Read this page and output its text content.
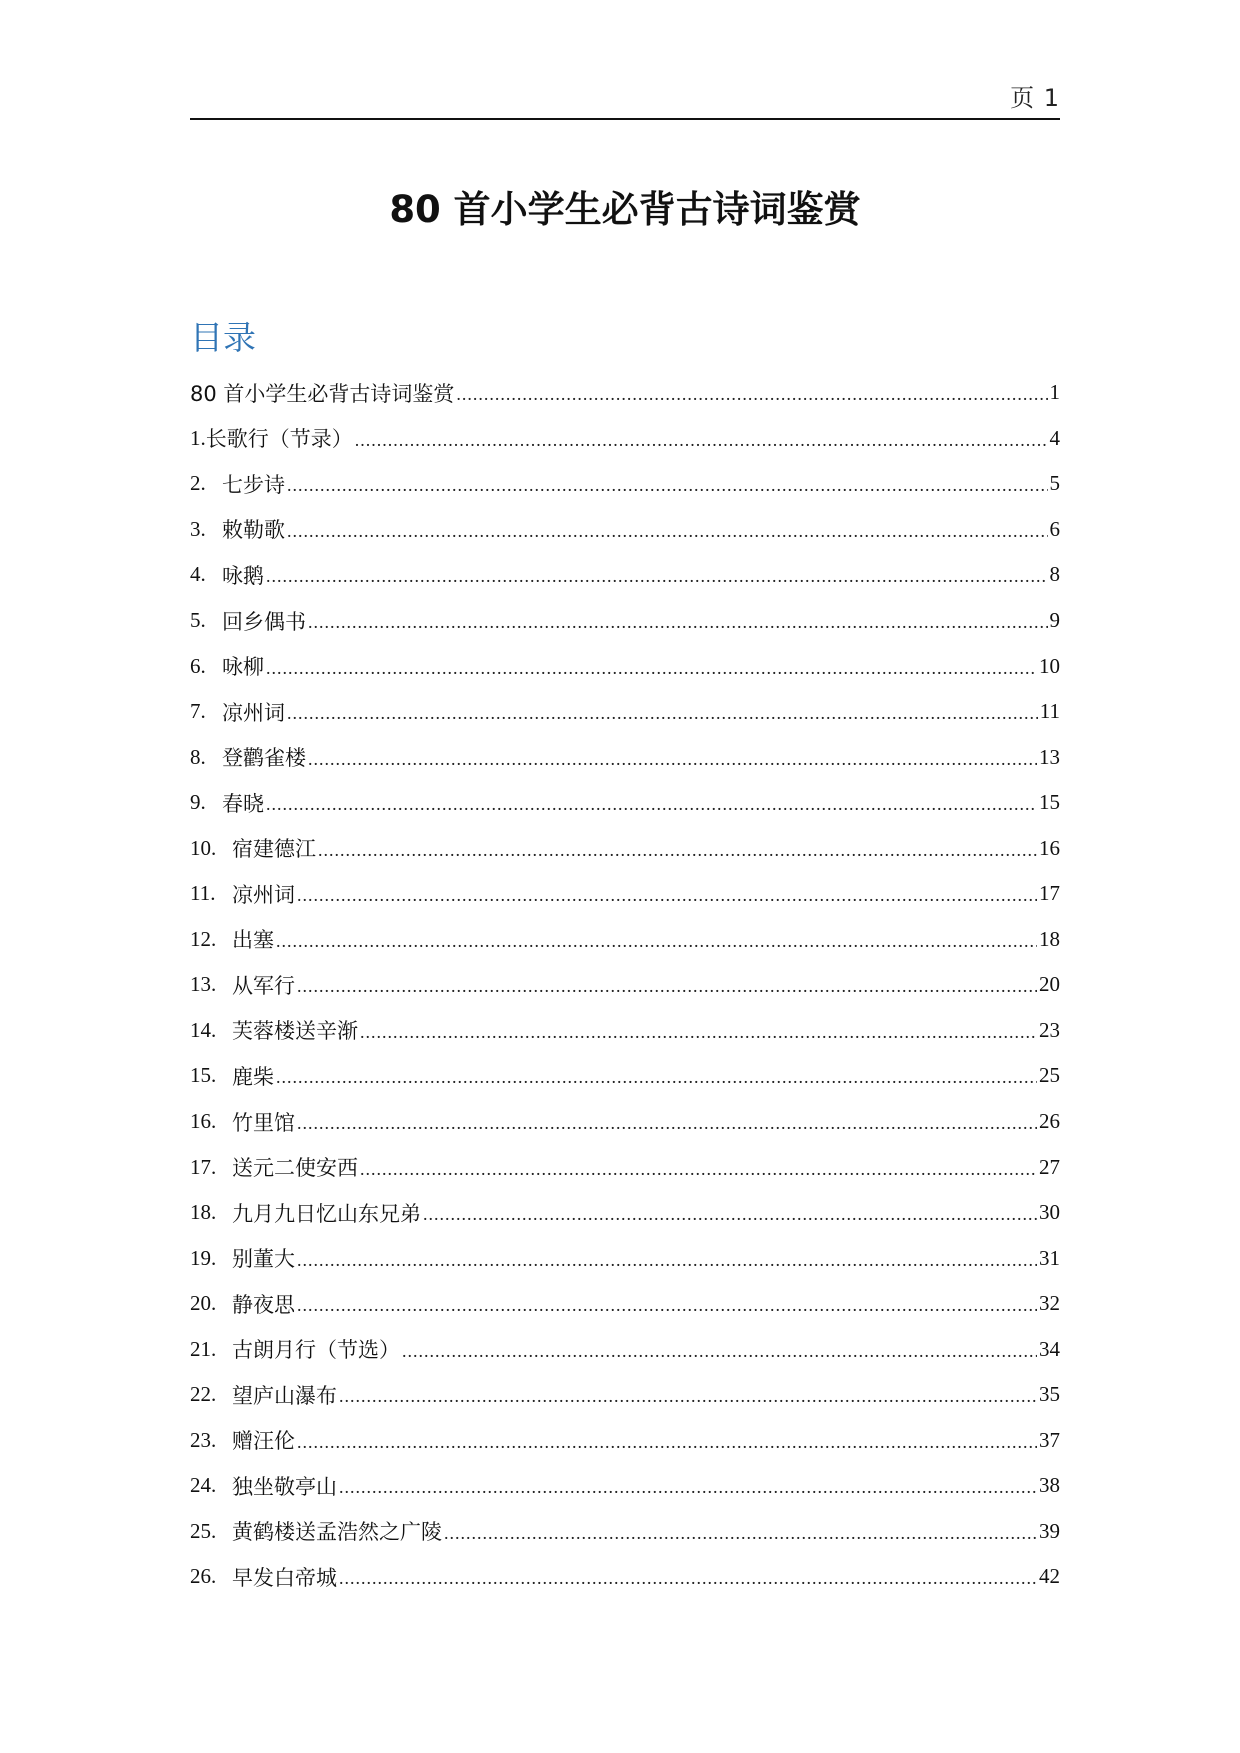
页 1
80 首小学生必背古诗词鉴赏
目录
80 首小学生必背古诗词鉴赏 .....	1
1. 长歌行（节录） .....	4
2. 七步诗 .....	5
3. 敕勒歌 .....	6
4. 咏鹅 .....	8
5. 回乡偶书 .....	9
6. 咏柳 .....	10
7. 凉州词 .....	11
8. 登鹳雀楼 .....	13
9. 春晓 .....	15
10. 宿建德江 .....	16
11. 凉州词 .....	17
12. 出塞 .....	18
13. 从军行 .....	20
14. 芙蓉楼送辛渐 .....	23
15. 鹿柴 .....	25
16. 竹里馆 .....	26
17. 送元二使安西 .....	27
18. 九月九日忆山东兄弟 .....	30
19. 别董大 .....	31
20. 静夜思 .....	32
21. 古朗月行（节选） .....	34
22. 望庐山瀑布 .....	35
23. 赠汪伦 .....	37
24. 独坐敬亭山 .....	38
25. 黄鹤楼送孟浩然之广陵 .....	39
26. 早发白帝城 .....	42
